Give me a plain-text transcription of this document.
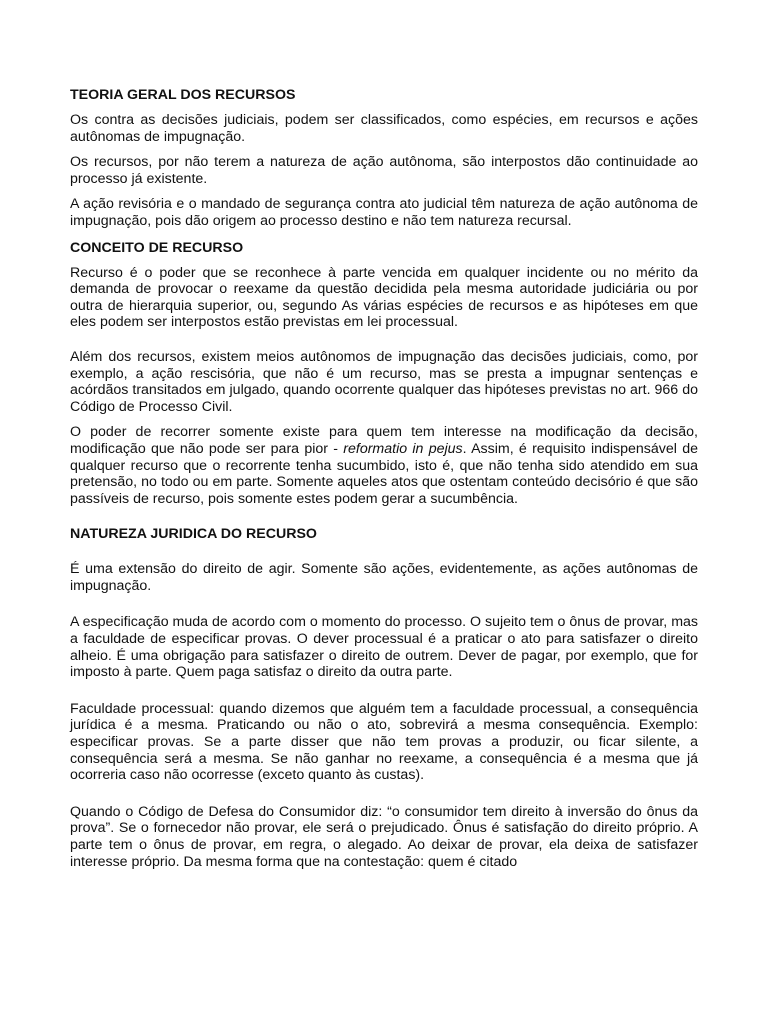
TEORIA GERAL DOS RECURSOS

Os contra as decisões judiciais, podem ser classificados, como espécies, em recursos e ações autônomas de impugnação.

Os recursos, por não terem a natureza de ação autônoma, são interpostos dão continuidade ao processo já existente.

A ação revisória e o mandado de segurança contra ato judicial têm natureza de ação autônoma de impugnação, pois dão origem ao processo destino e não tem natureza recursal.

CONCEITO DE RECURSO

Recurso é o poder que se reconhece à parte vencida em qualquer incidente ou no mérito da demanda de provocar o reexame da questão decidida pela mesma autoridade judiciária ou por outra de hierarquia superior, ou, segundo As várias espécies de recursos e as hipóteses em que eles podem ser interpostos estão previstas em lei processual.

Além dos recursos, existem meios autônomos de impugnação das decisões judiciais, como, por exemplo, a ação rescisória, que não é um recurso, mas se presta a impugnar sentenças e acórdãos transitados em julgado, quando ocorrente qualquer das hipóteses previstas no art. 966 do Código de Processo Civil.

O poder de recorrer somente existe para quem tem interesse na modificação da decisão, modificação que não pode ser para pior - reformatio in pejus. Assim, é requisito indispensável de qualquer recurso que o recorrente tenha sucumbido, isto é, que não tenha sido atendido em sua pretensão, no todo ou em parte. Somente aqueles atos que ostentam conteúdo decisório é que são passíveis de recurso, pois somente estes podem gerar a sucumbência.

NATUREZA JURIDICA DO RECURSO

É uma extensão do direito de agir. Somente são ações, evidentemente, as ações autônomas de impugnação.

A especificação muda de acordo com o momento do processo. O sujeito tem o ônus de provar, mas a faculdade de especificar provas. O dever processual é a praticar o ato para satisfazer o direito alheio. É uma obrigação para satisfazer o direito de outrem. Dever de pagar, por exemplo, que for imposto à parte. Quem paga satisfaz o direito da outra parte.

Faculdade processual: quando dizemos que alguém tem a faculdade processual, a consequência jurídica é a mesma. Praticando ou não o ato, sobrevirá a mesma consequência. Exemplo: especificar provas. Se a parte disser que não tem provas a produzir, ou ficar silente, a consequência será a mesma. Se não ganhar no reexame, a consequência é a mesma que já ocorreria caso não ocorresse (exceto quanto às custas).

Quando o Código de Defesa do Consumidor diz: “o consumidor tem direito à inversão do ônus da prova”. Se o fornecedor não provar, ele será o prejudicado. Ônus é satisfação do direito próprio. A parte tem o ônus de provar, em regra, o alegado. Ao deixar de provar, ela deixa de satisfazer interesse próprio. Da mesma forma que na contestação: quem é citado
